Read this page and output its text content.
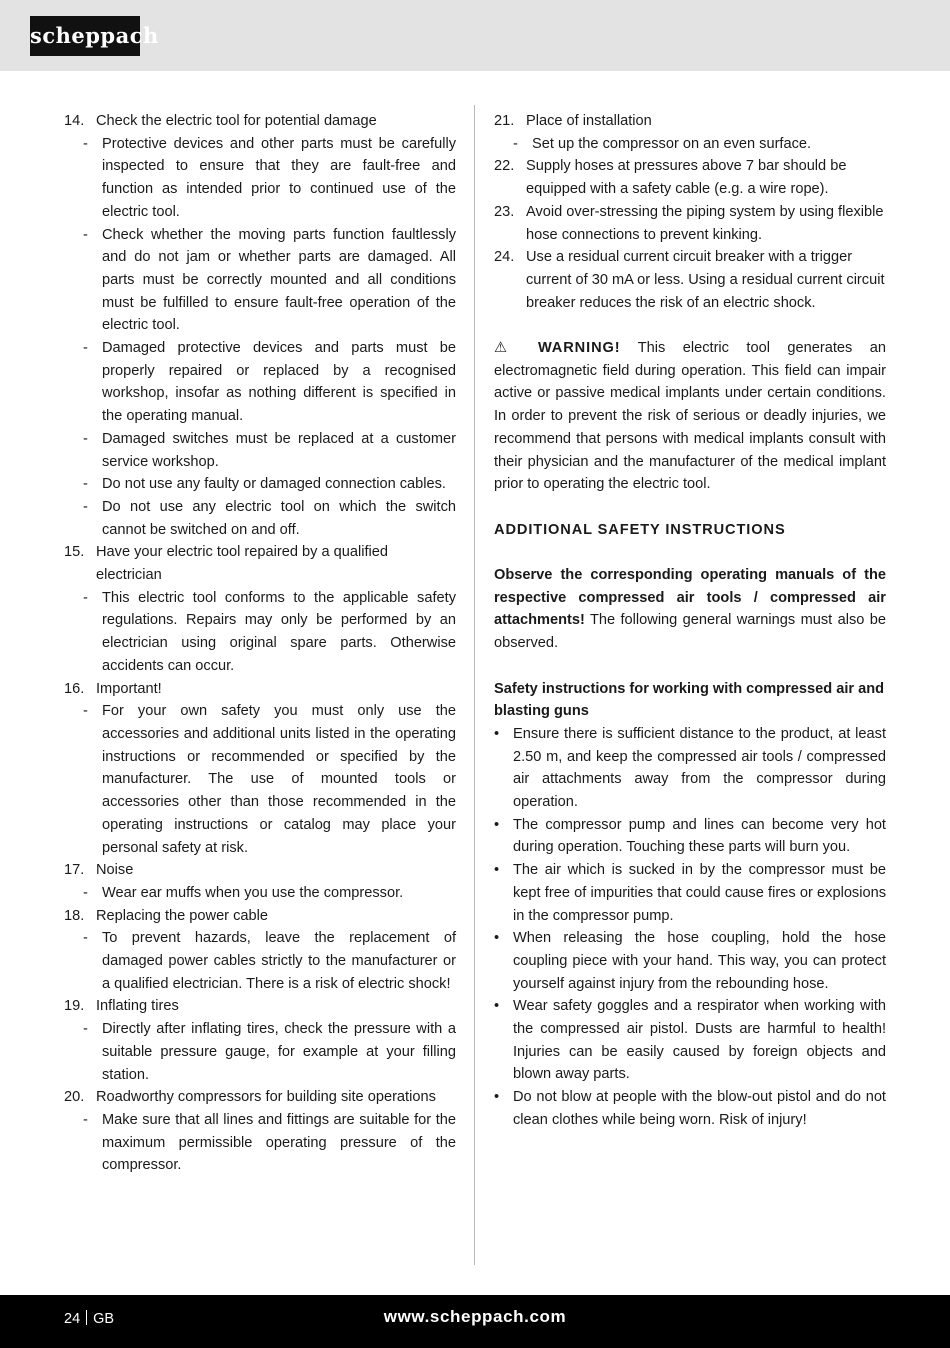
scheppach
14. Check the electric tool for potential damage
- Protective devices and other parts must be carefully inspected to ensure that they are fault-free and function as intended prior to continued use of the electric tool.
- Check whether the moving parts function faultlessly and do not jam or whether parts are damaged. All parts must be correctly mounted and all conditions must be fulfilled to ensure fault-free operation of the electric tool.
- Damaged protective devices and parts must be properly repaired or replaced by a recognised workshop, insofar as nothing different is specified in the operating manual.
- Damaged switches must be replaced at a customer service workshop.
- Do not use any faulty or damaged connection cables.
- Do not use any electric tool on which the switch cannot be switched on and off.
15. Have your electric tool repaired by a qualified electrician
- This electric tool conforms to the applicable safety regulations. Repairs may only be performed by an electrician using original spare parts. Otherwise accidents can occur.
16. Important!
- For your own safety you must only use the accessories and additional units listed in the operating instructions or recommended or specified by the manufacturer. The use of mounted tools or accessories other than those recommended in the operating instructions or catalog may place your personal safety at risk.
17. Noise
- Wear ear muffs when you use the compressor.
18. Replacing the power cable
- To prevent hazards, leave the replacement of damaged power cables strictly to the manufacturer or a qualified electrician. There is a risk of electric shock!
19. Inflating tires
- Directly after inflating tires, check the pressure with a suitable pressure gauge, for example at your filling station.
20. Roadworthy compressors for building site operations
- Make sure that all lines and fittings are suitable for the maximum permissible operating pressure of the compressor.
21. Place of installation
- Set up the compressor on an even surface.
22. Supply hoses at pressures above 7 bar should be equipped with a safety cable (e.g. a wire rope).
23. Avoid over-stressing the piping system by using flexible hose connections to prevent kinking.
24. Use a residual current circuit breaker with a trigger current of 30 mA or less. Using a residual current circuit breaker reduces the risk of an electric shock.
⚠ WARNING! This electric tool generates an electromagnetic field during operation. This field can impair active or passive medical implants under certain conditions. In order to prevent the risk of serious or deadly injuries, we recommend that persons with medical implants consult with their physician and the manufacturer of the medical implant prior to operating the electric tool.
ADDITIONAL SAFETY INSTRUCTIONS
Observe the corresponding operating manuals of the respective compressed air tools / compressed air attachments! The following general warnings must also be observed.
Safety instructions for working with compressed air and blasting guns
• Ensure there is sufficient distance to the product, at least 2.50 m, and keep the compressed air tools / compressed air attachments away from the compressor during operation.
• The compressor pump and lines can become very hot during operation. Touching these parts will burn you.
• The air which is sucked in by the compressor must be kept free of impurities that could cause fires or explosions in the compressor pump.
• When releasing the hose coupling, hold the hose coupling piece with your hand. This way, you can protect yourself against injury from the rebounding hose.
• Wear safety goggles and a respirator when working with the compressed air pistol. Dusts are harmful to health! Injuries can be easily caused by foreign objects and blown away parts.
• Do not blow at people with the blow-out pistol and do not clean clothes while being worn. Risk of injury!
24 GB	www.scheppach.com
